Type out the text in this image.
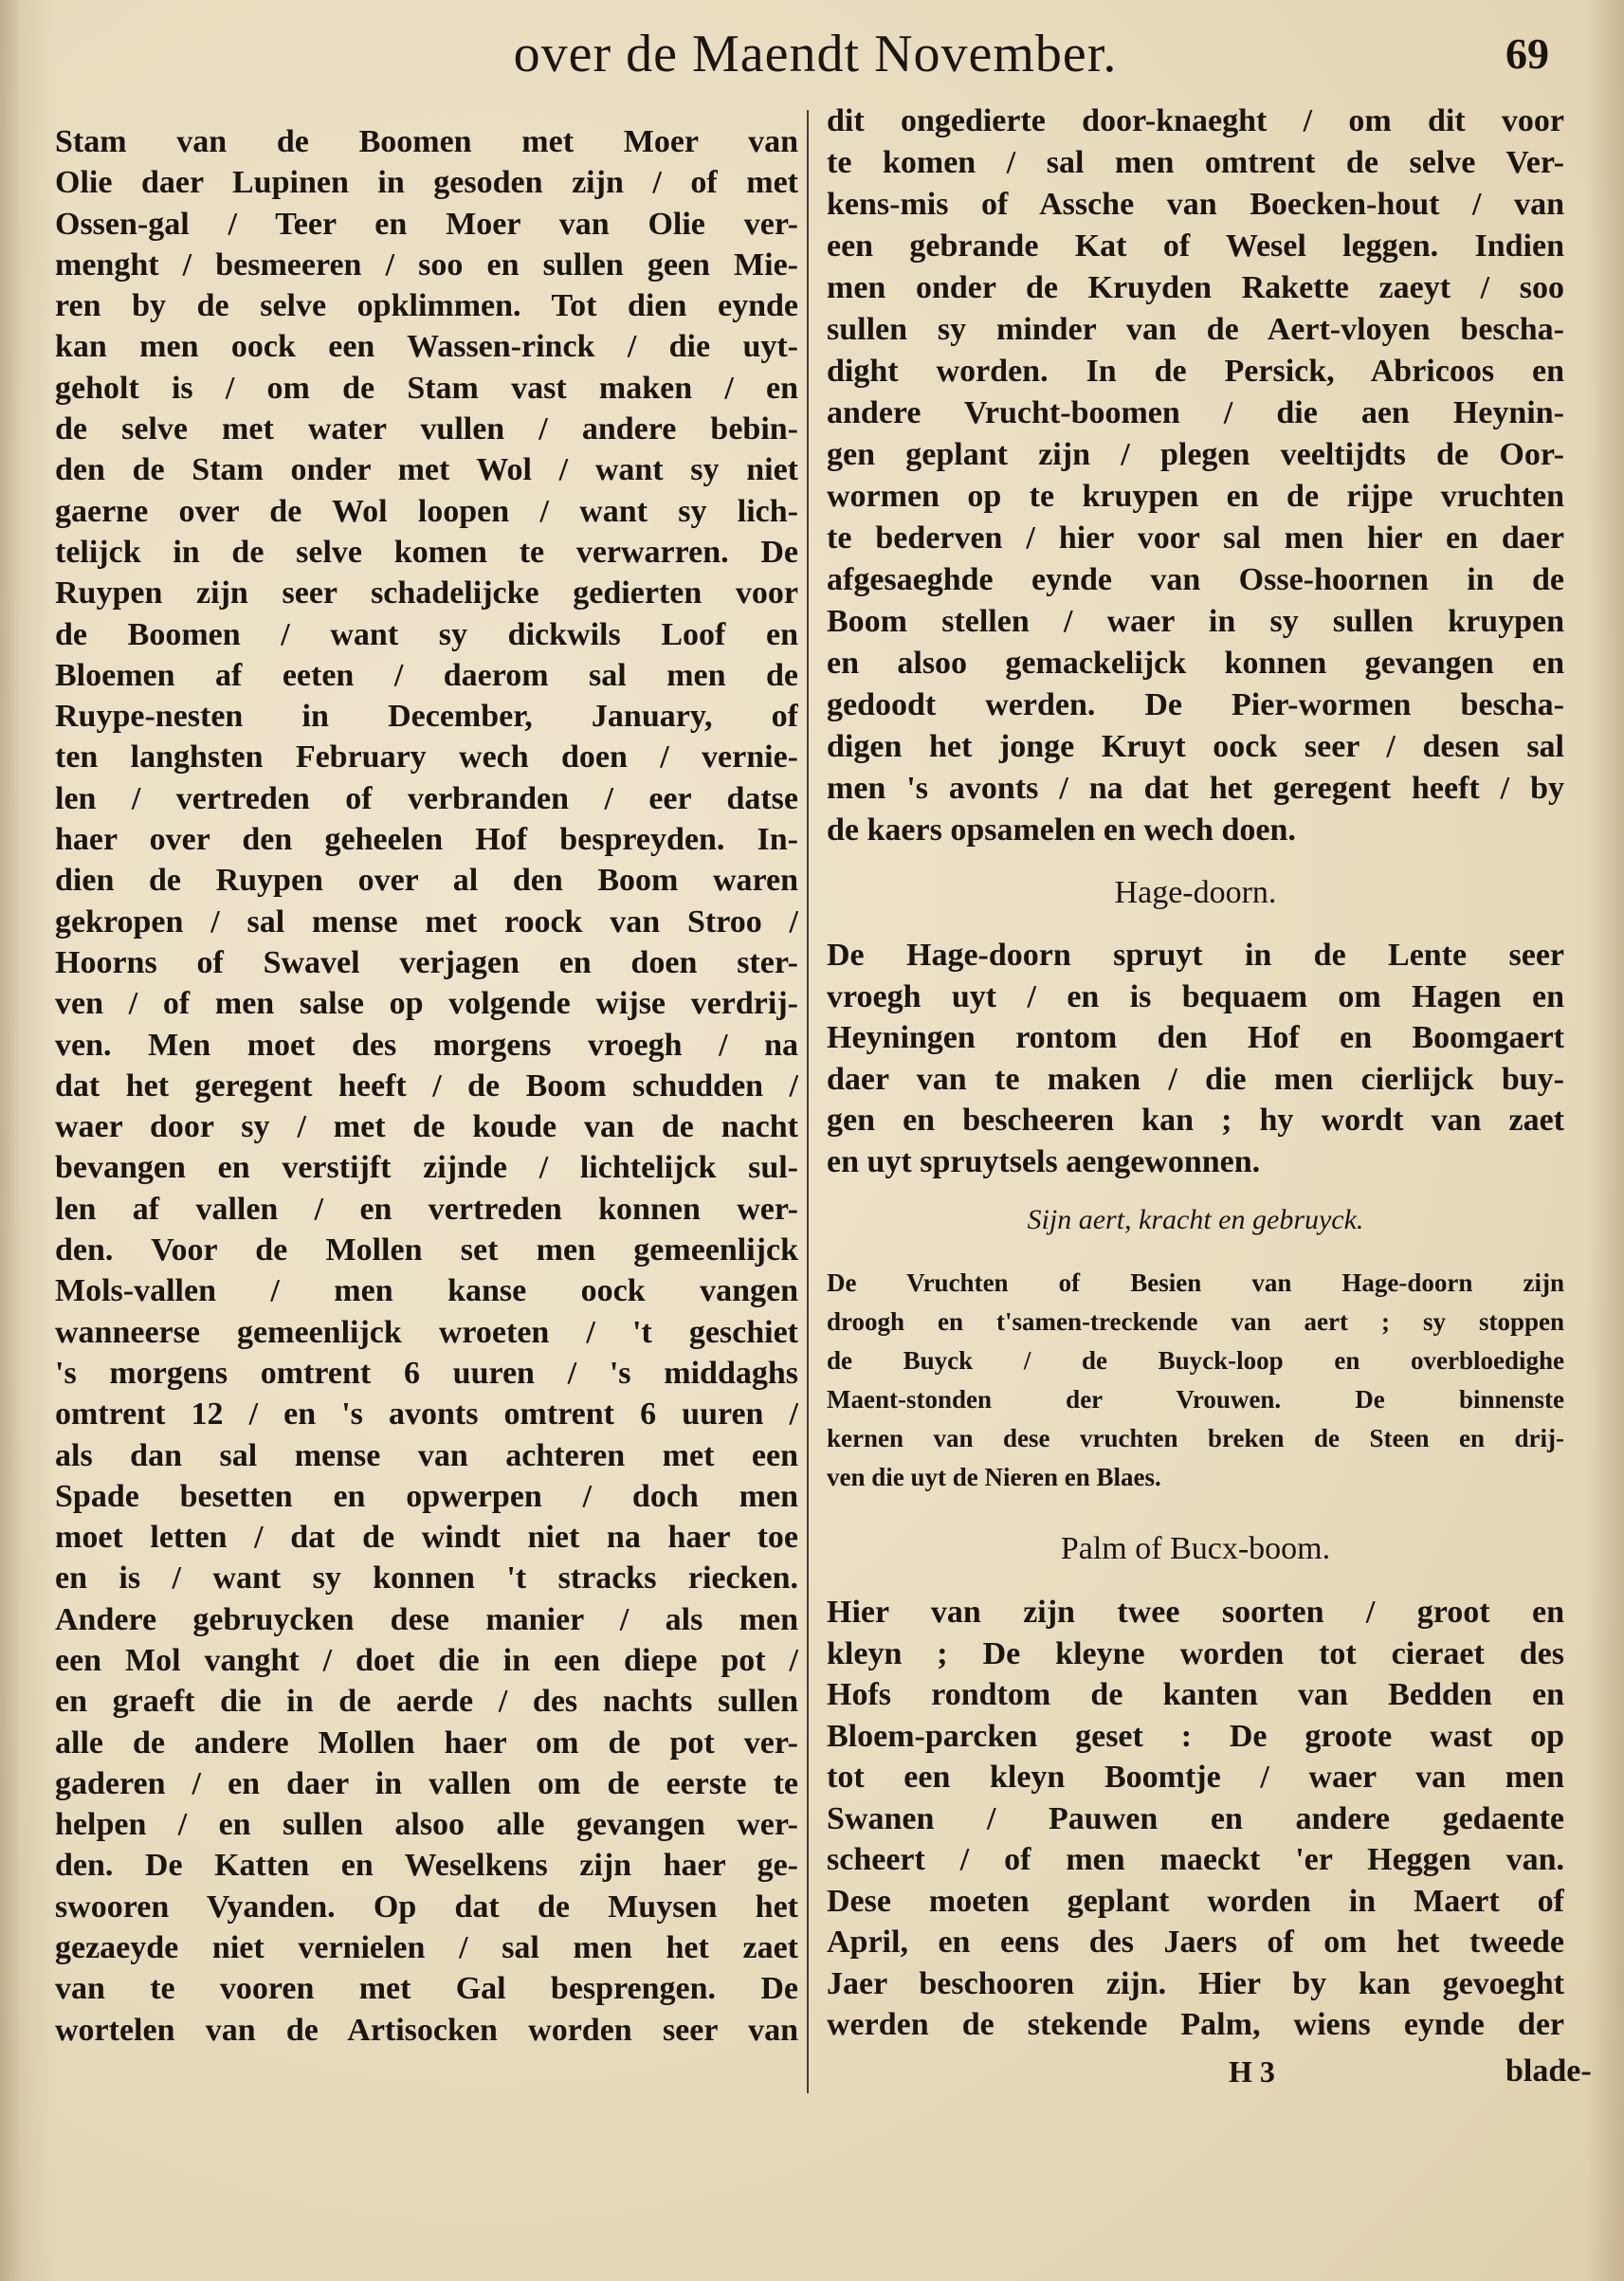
over de Maendt November.	69
Stam van de Boomen met Moer van
Olie daer Lupinen in gesoden zijn / of met
Ossen-gal / Teer en Moer van Olie ver-
menght / besmeeren / soo en sullen geen Mie-
ren by de selve opklimmen. Tot dien eynde
kan men oock een Wassen-rinck / die uyt-
geholt is / om de Stam vast maken / en
de selve met water vullen / andere bebin-
den de Stam onder met Wol / want sy niet
gaerne over de Wol loopen / want sy lich-
telijck in de selve komen te verwarren. De
Ruypen zijn seer schadelijcke gedierten voor
de Boomen / want sy dickwils Loof en
Bloemen af eeten / daerom sal men de
Ruype-nesten in December, January, of
ten langhsten February wech doen / vernie-
len / vertreden of verbranden / eer datse
haer over den geheelen Hof bespreyden. In-
dien de Ruypen over al den Boom waren
gekropen / sal mense met roock van Stroo /
Hoorns of Swavel verjagen en doen ster-
ven / of men salse op volgende wijse verdrij-
ven. Men moet des morgens vroegh / na
dat het geregent heeft / de Boom schudden /
waer door sy / met de koude van de nacht
bevangen en verstijft zijnde / lichtelijck sul-
len af vallen / en vertreden konnen wer-
den. Voor de Mollen set men gemeenlijck
Mols-vallen / men kanse oock vangen
wanneerse gemeenlijck wroeten / 't geschiet
's morgens omtrent 6 uuren / 's middaghs
omtrent 12 / en 's avonts omtrent 6 uuren /
als dan sal mense van achteren met een
Spade besetten en opwerpen / doch men
moet letten / dat de windt niet na haer toe
en is / want sy konnen 't stracks riecken.
Andere gebruycken dese manier / als men
een Mol vanght / doet die in een diepe pot /
en graeft die in de aerde / des nachts sullen
alle de andere Mollen haer om de pot ver-
gaderen / en daer in vallen om de eerste te
helpen / en sullen alsoo alle gevangen wer-
den. De Katten en Weselkens zijn haer ge-
swooren Vyanden. Op dat de Muysen het
gezaeyde niet vernielen / sal men het zaet
van te vooren met Gal besprengen. De
wortelen van de Artisocken worden seer van
dit ongedierte door-knaeght / om dit voor
te komen / sal men omtrent de selve Ver-
kens-mis of Assche van Boecken-hout / van
een gebrande Kat of Wesel leggen. Indien
men onder de Kruyden Rakette zaeyt / soo
sullen sy minder van de Aert-vloyen bescha-
dight worden. In de Persick, Abricoos en
andere Vrucht-boomen / die aen Heynin-
gen geplant zijn / plegen veeltijdts de Oor-
wormen op te kruypen en de rijpe vruchten
te bederven / hier voor sal men hier en daer
afgesaeghde eynde van Osse-hoornen in de
Boom stellen / waer in sy sullen kruypen
en alsoo gemackelijck konnen gevangen en
gedoodt werden. De Pier-wormen bescha-
digen het jonge Kruyt oock seer / desen sal
men 's avonts / na dat het geregent heeft / by
de kaers opsamelen en wech doen.
Hage-doorn.
De Hage-doorn spruyt in de Lente seer
vroegh uyt / en is bequaem om Hagen en
Heyningen rontom den Hof en Boomgaert
daer van te maken / die men cierlijck buy-
gen en bescheeren kan ; hy wordt van zaet
en uyt spruytsels aengewonnen.
Sijn aert, kracht en gebruyck.
De Vruchten of Besien van Hage-doorn zijn
droogh en t'samen-treckende van aert ; sy stoppen
de Buyck / de Buyck-loop en overbloedighe
Maent-stonden der Vrouwen. De binnenste
kernen van dese vruchten breken de Steen en drij-
ven die uyt de Nieren en Blaes.
Palm of Bucx-boom.
Hier van zijn twee soorten / groot en
kleyn ; De kleyne worden tot cieraet des
Hofs rondtom de kanten van Bedden en
Bloem-parcken geset : De groote wast op
tot een kleyn Boomtje / waer van men
Swanen / Pauwen en andere gedaente
scheert / of men maeckt 'er Heggen van.
Dese moeten geplant worden in Maert of
April, en eens des Jaers of om het tweede
Jaer beschooren zijn. Hier by kan gevoeght
werden de stekende Palm, wiens eynde der
H 3	blade-
